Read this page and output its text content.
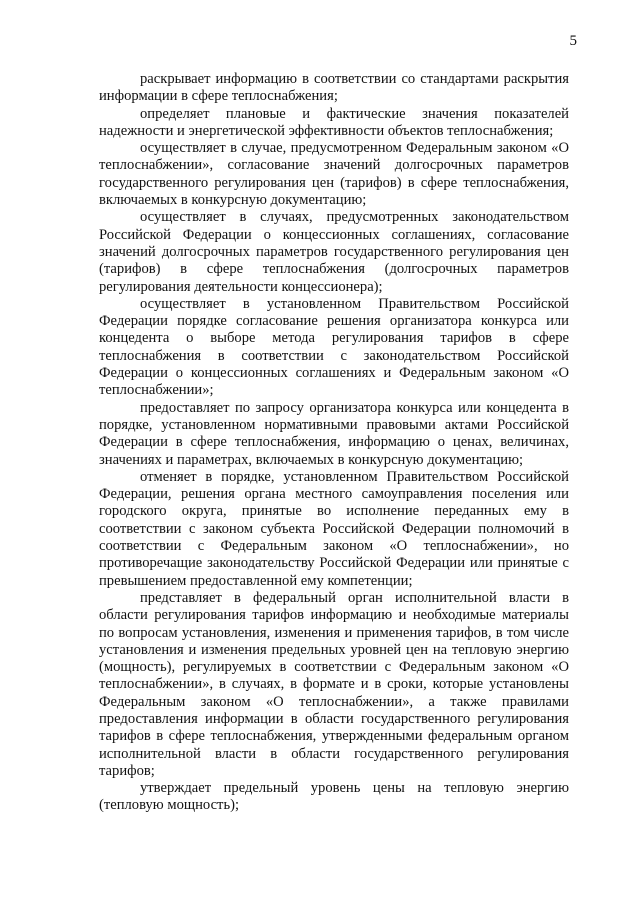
5

раскрывает информацию в соответствии со стандартами раскрытия информации в сфере теплоснабжения;

определяет плановые и фактические значения показателей надежности и энергетической эффективности объектов теплоснабжения;

осуществляет в случае, предусмотренном Федеральным законом «О теплоснабжении», согласование значений долгосрочных параметров государственного регулирования цен (тарифов) в сфере теплоснабжения, включаемых в конкурсную документацию;

осуществляет в случаях, предусмотренных законодательством Российской Федерации о концессионных соглашениях, согласование значений долгосрочных параметров государственного регулирования цен (тарифов) в сфере теплоснабжения (долгосрочных параметров регулирования деятельности концессионера);

осуществляет в установленном Правительством Российской Федерации порядке согласование решения организатора конкурса или концедента о выборе метода регулирования тарифов в сфере теплоснабжения в соответствии с законодательством Российской Федерации о концессионных соглашениях и Федеральным законом «О теплоснабжении»;

предоставляет по запросу организатора конкурса или концедента в порядке, установленном нормативными правовыми актами Российской Федерации в сфере теплоснабжения, информацию о ценах, величинах, значениях и параметрах, включаемых в конкурсную документацию;

отменяет в порядке, установленном Правительством Российской Федерации, решения органа местного самоуправления поселения или городского округа, принятые во исполнение переданных ему в соответствии с законом субъекта Российской Федерации полномочий в соответствии с Федеральным законом «О теплоснабжении», но противоречащие законодательству Российской Федерации или принятые с превышением предоставленной ему компетенции;

представляет в федеральный орган исполнительной власти в области регулирования тарифов информацию и необходимые материалы по вопросам установления, изменения и применения тарифов, в том числе установления и изменения предельных уровней цен на тепловую энергию (мощность), регулируемых в соответствии с Федеральным законом «О теплоснабжении», в случаях, в формате и в сроки, которые установлены Федеральным законом «О теплоснабжении», а также правилами предоставления информации в области государственного регулирования тарифов в сфере теплоснабжения, утвержденными федеральным органом исполнительной власти в области государственного регулирования тарифов;

утверждает предельный уровень цены на тепловую энергию (тепловую мощность);
